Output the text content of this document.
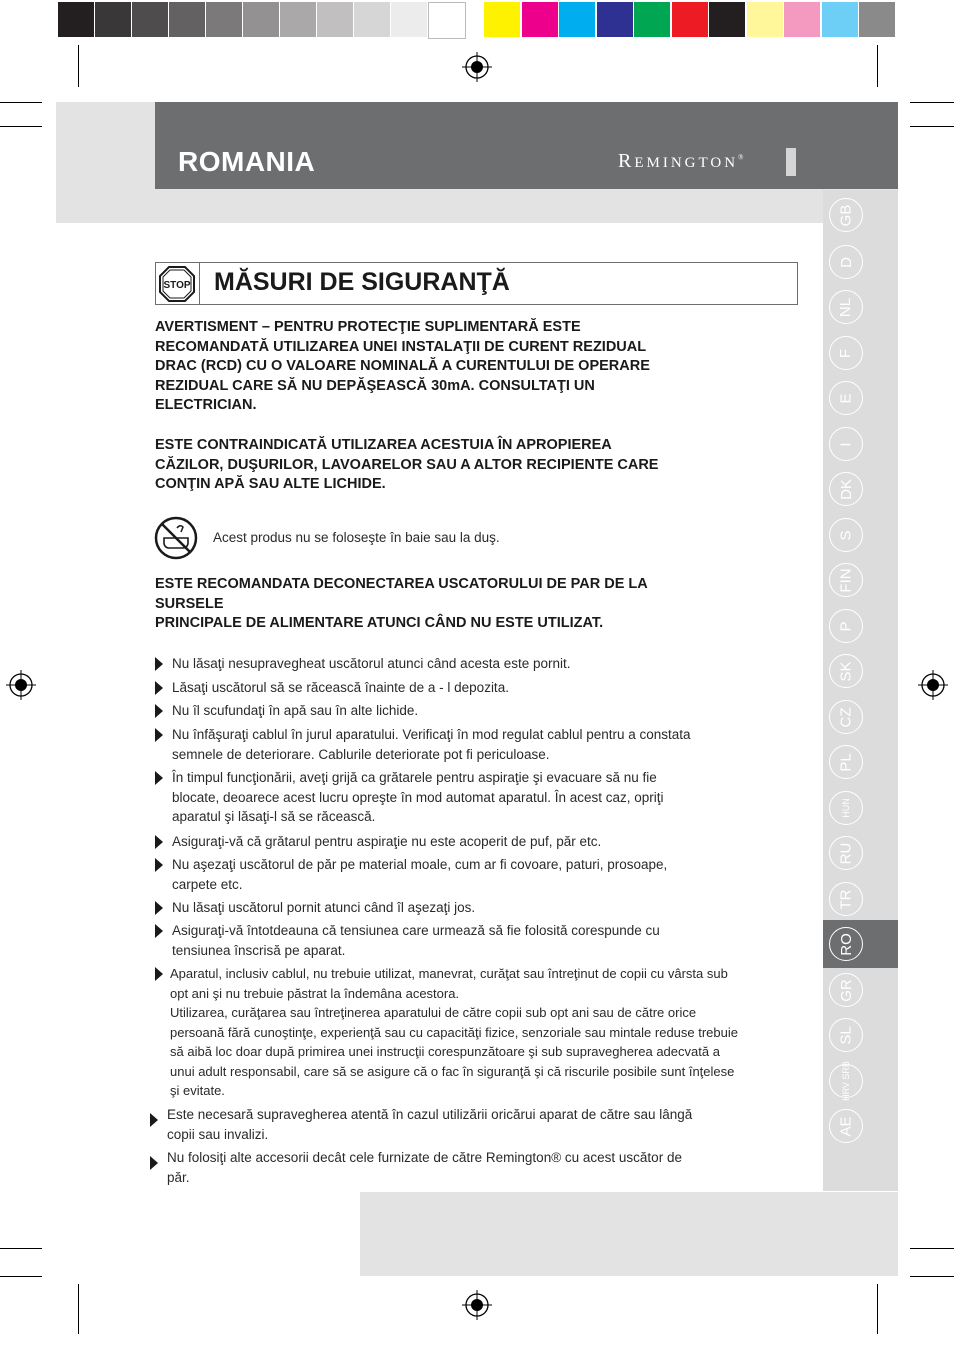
ROMANIA	REMINGTON®
GB
D
NL
F
E
I
DK
S
FIN
P
SK
CZ
PL
HUN
RU
TR
RO
GR
SL
HRV SRB
AE
STOP MĂSURI DE SIGURANŢĂ
AVERTISMENT – PENTRU PROTECŢIE SUPLIMENTARĂ ESTE
RECOMANDATĂ UTILIZAREA UNEI INSTALAŢII DE CURENT REZIDUAL
DRAC (RCD) CU O VALOARE NOMINALĂ A CURENTULUI DE OPERARE
REZIDUAL CARE SĂ NU DEPĂŞEASCĂ 30mA. CONSULTAŢI UN
ELECTRICIAN.
ESTE CONTRAINDICATĂ UTILIZAREA ACESTUIA ÎN APROPIEREA
CĂZILOR, DUŞURILOR, LAVOARELOR SAU A ALTOR RECIPIENTE CARE
CONŢIN APĂ SAU ALTE LICHIDE.
Acest produs nu se foloseşte în baie sau la duş.
ESTE RECOMANDATA DECONECTAREA USCATORULUI DE PAR DE LA
SURSELE
PRINCIPALE DE ALIMENTARE ATUNCI CÂND NU ESTE UTILIZAT.
Nu lăsaţi nesupravegheat uscătorul atunci când acesta este pornit.
Lăsaţi uscătorul să se răcească înainte de a - l depozita.
Nu îl scufundaţi în apă sau în alte lichide.
Nu înfăşuraţi cablul în jurul aparatului. Verificaţi în mod regulat cablul pentru a constata
semnele de deteriorare. Cablurile deteriorate pot fi periculoase.
În timpul funcţionării, aveţi grijă ca grătarele pentru aspiraţie şi evacuare să nu fie
blocate, deoarece acest lucru opreşte în mod automat aparatul. În acest caz, opriţi
aparatul şi lăsaţi-l să se răcească.
Asiguraţi-vă că grătarul pentru aspiraţie nu este acoperit de puf, păr etc.
Nu aşezaţi uscătorul de păr pe material moale, cum ar fi covoare, paturi, prosoape,
carpete etc.
Nu lăsaţi uscătorul pornit atunci când îl aşezaţi jos.
Asiguraţi-vă întotdeauna că tensiunea care urmează să fie folosită corespunde cu
tensiunea înscrisă pe aparat.
Aparatul, inclusiv cablul, nu trebuie utilizat, manevrat, curăţat sau întreţinut de copii cu vârsta sub
opt ani şi nu trebuie păstrat la îndemâna acestora.
Utilizarea, curăţarea sau întreţinerea aparatului de către copii sub opt ani sau de către orice
persoană fără cunoştinţe, experienţă sau cu capacităţi fizice, senzoriale sau mintale reduse trebuie
să aibă loc doar după primirea unei instrucţii corespunzătoare şi sub supravegherea adecvată a
unui adult responsabil, care să se asigure că o fac în siguranţă şi că riscurile posibile sunt înţelese
şi evitate.
Este necesară supravegherea atentă în cazul utilizării oricărui aparat de către sau lângă
copii sau invalizi.
Nu folosiţi alte accesorii decât cele furnizate de către Remington® cu acest uscător de
păr.
